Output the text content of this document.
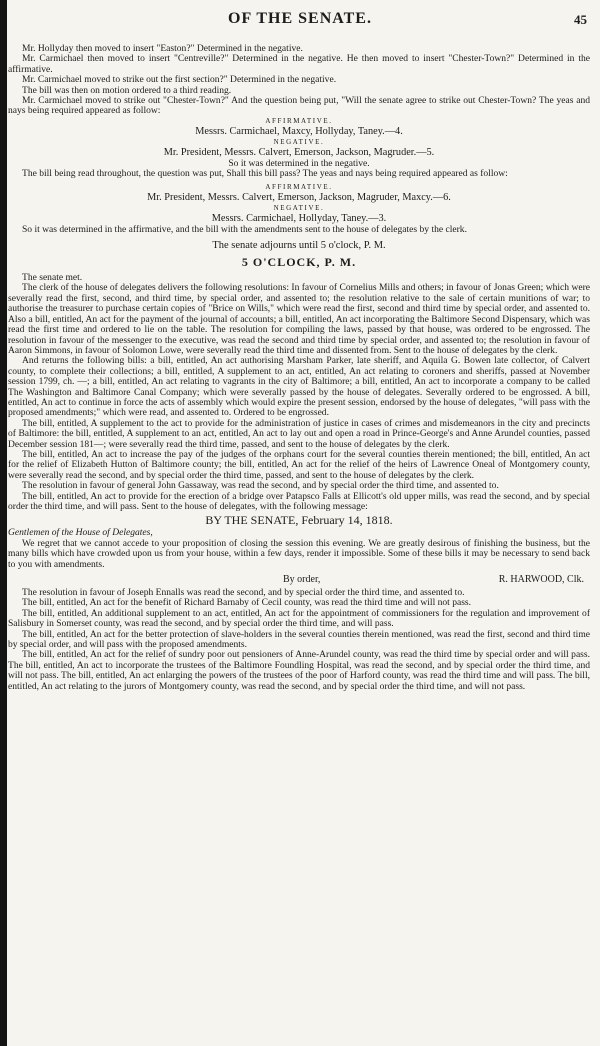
OF THE SENATE.	45

Mr. Hollyday then moved to insert "Easton?" Determined in the negative.

Mr. Carmichael then moved to insert "Centreville?" Determined in the negative. He then moved to insert "Chester-Town?" Determined in the affirmative.

Mr. Carmichael moved to strike out the first section?" Determined in the negative.

The bill was then on motion ordered to a third reading.

Mr. Carmichael moved to strike out "Chester-Town?" And the question being put, "Will the senate agree to strike out Chester-Town? The yeas and nays being required appeared as follow:

AFFIRMATIVE.
Messrs. Carmichael, Maxcy, Hollyday, Taney.—4.
NEGATIVE.
Mr. President, Messrs. Calvert, Emerson, Jackson, Magruder.—5.
So it was determined in the negative.

The bill being read throughout, the question was put, Shall this bill pass? The yeas and nays being required appeared as follow:

AFFIRMATIVE.
Mr. President, Messrs. Calvert, Emerson, Jackson, Magruder, Maxcy.—6.
NEGATIVE.
Messrs. Carmichael, Hollyday, Taney.—3.

So it was determined in the affirmative, and the bill with the amendments sent to the house of delegates by the clerk.

The senate adjourns until 5 o'clock, P. M.
5 O'CLOCK, P. M.

The senate met.

The clerk of the house of delegates delivers the following resolutions: In favour of Cornelius Mills and others; in favour of Jonas Green; which were severally read the first, second, and third time, by special order, and assented to; the resolution relative to the sale of certain munitions of war; to authorise the treasurer to purchase certain copies of "Brice on Wills," which were read the first, second and third time by special order, and assented to. Also a bill, entitled, An act for the payment of the journal of accounts; a bill, entitled, An act incorporating the Baltimore Second Dispensary, which was read the first time and ordered to lie on the table. The resolution for compiling the laws, passed by that house, was ordered to be engrossed. The resolution in favour of the messenger to the executive, was read the second and third time by special order, and assented to; the resolution in favour of Aaron Simmons, in favour of Solomon Lowe, were severally read the third time and dissented from. Sent to the house of delegates by the clerk.

And returns the following bills: a bill, entitled, An act authorising Marsham Parker, late sheriff, and Aquila G. Bowen late collector, of Calvert county, to complete their collections; a bill, entitled, A supplement to an act, entitled, An act relating to coroners and sheriffs, passed at November session 1799, ch. —; a bill, entitled, An act relating to vagrants in the city of Baltimore; a bill, entitled, An act to incorporate a company to be called The Washington and Baltimore Canal Company; which were severally passed by the house of delegates. Severally ordered to be engrossed. A bill, entitled, An act to continue in force the acts of assembly which would expire the present session, endorsed by the house of delegates, "will pass with the proposed amendments;" which were read, and assented to. Ordered to be engrossed.

The bill, entitled, A supplement to the act to provide for the administration of justice in cases of crimes and misdemeanors in the city and precincts of Baltimore: the bill, entitled, A supplement to an act, entitled, An act to lay out and open a road in Prince-George's and Anne Arundel counties, passed December session 181—; were severally read the third time, passed, and sent to the house of delegates by the clerk.

The bill, entitled, An act to increase the pay of the judges of the orphans court for the several counties therein mentioned; the bill, entitled, An act for the relief of Elizabeth Hutton of Baltimore county; the bill, entitled, An act for the relief of the heirs of Lawrence Oneal of Montgomery county, were severally read the second, and by special order the third time, passed, and sent to the house of delegates by the clerk.

The resolution in favour of general John Gassaway, was read the second, and by special order the third time, and assented to.

The bill, entitled, An act to provide for the erection of a bridge over Patapsco Falls at Ellicott's old upper mills, was read the second, and by special order the third time, and will pass. Sent to the house of delegates, with the following message:

BY THE SENATE, February 14, 1818.
Gentlemen of the House of Delegates,

We regret that we cannot accede to your proposition of closing the session this evening. We are greatly desirous of finishing the business, but the many bills which have crowded upon us from your house, within a few days, render it impossible. Some of these bills it may be necessary to send back to you with amendments.

By order,	R. HARWOOD, Clk.

The resolution in favour of Joseph Ennalls was read the second, and by special order the third time, and assented to.

The bill, entitled, An act for the benefit of Richard Barnaby of Cecil county, was read the third time and will not pass.

The bill, entitled, An additional supplement to an act, entitled, An act for the appointment of commissioners for the regulation and improvement of Salisbury in Somerset county, was read the second, and by special order the third time, and will pass.

The bill, entitled, An act for the better protection of slave-holders in the several counties therein mentioned, was read the first, second and third time by special order, and will pass with the proposed amendments.

The bill, entitled, An act for the relief of sundry poor out pensioners of Anne-Arundel county, was read the third time by special order and will pass. The bill, entitled, An act to incorporate the trustees of the Baltimore Foundling Hospital, was read the second, and by special order the third time, and will not pass. The bill, entitled, An act enlarging the powers of the trustees of the poor of Harford county, was read the third time and will pass. The bill, entitled, An act relating to the jurors of Montgomery county, was read the second, and by special order the third time, and will not pass.
